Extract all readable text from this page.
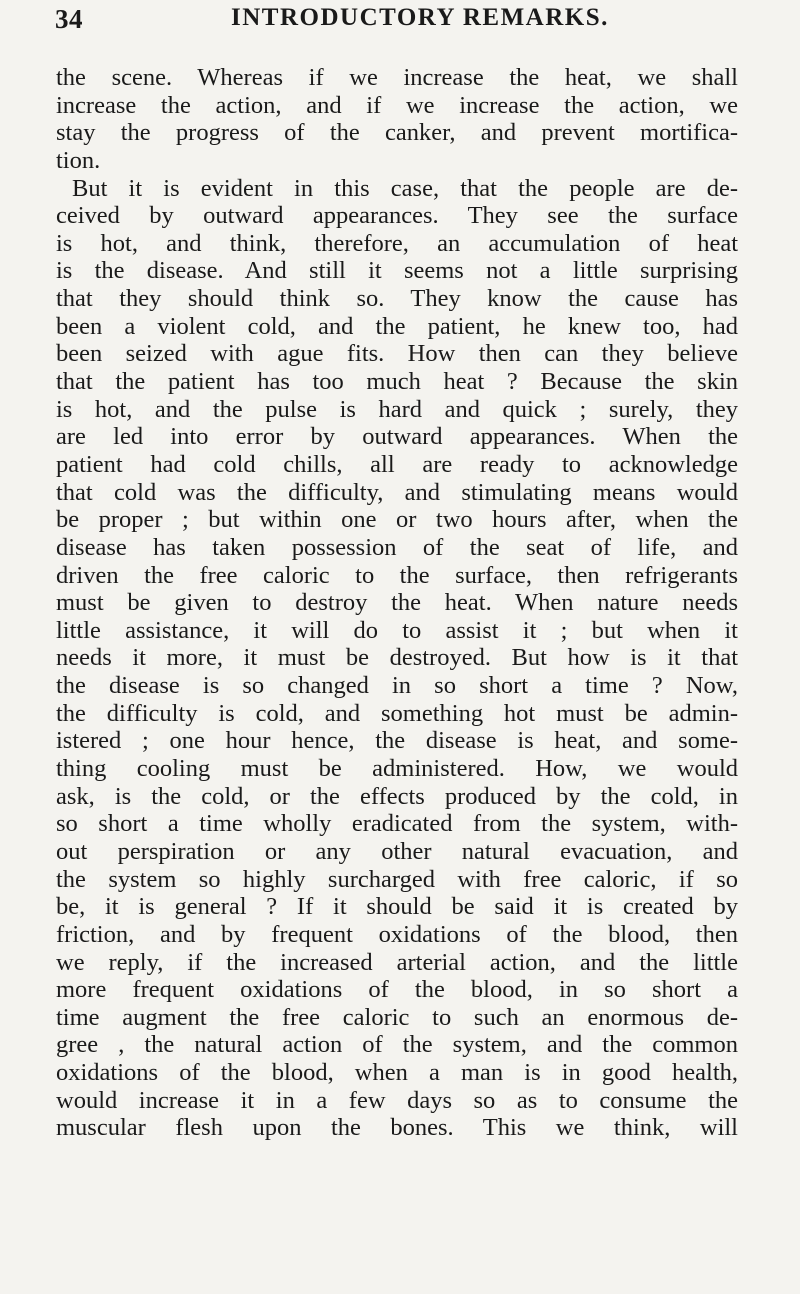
34	INTRODUCTORY REMARKS.
the scene. Whereas if we increase the heat, we shall
increase the action, and if we increase the action, we
stay the progress of the canker, and prevent mortifica-
tion.
But it is evident in this case, that the people are de-
ceived by outward appearances. They see the surface
is hot, and think, therefore, an accumulation of heat
is the disease. And still it seems not a little surprising
that they should think so. They know the cause has
been a violent cold, and the patient, he knew too, had
been seized with ague fits. How then can they believe
that the patient has too much heat ? Because the skin
is hot, and the pulse is hard and quick ; surely, they
are led into error by outward appearances. When the
patient had cold chills, all are ready to acknowledge
that cold was the difficulty, and stimulating means would
be proper ; but within one or two hours after, when the
disease has taken possession of the seat of life, and
driven the free caloric to the surface, then refrigerants
must be given to destroy the heat. When nature needs
little assistance, it will do to assist it ; but when it
needs it more, it must be destroyed. But how is it that
the disease is so changed in so short a time ? Now,
the difficulty is cold, and something hot must be admin-
istered ; one hour hence, the disease is heat, and some-
thing cooling must be administered. How, we would
ask, is the cold, or the effects produced by the cold, in
so short a time wholly eradicated from the system, with-
out perspiration or any other natural evacuation, and
the system so highly surcharged with free caloric, if so
be, it is general ? If it should be said it is created by
friction, and by frequent oxidations of the blood, then
we reply, if the increased arterial action, and the little
more frequent oxidations of the blood, in so short a
time augment the free caloric to such an enormous de-
gree , the natural action of the system, and the common
oxidations of the blood, when a man is in good health,
would increase it in a few days so as to consume the
muscular flesh upon the bones. This we think, will
